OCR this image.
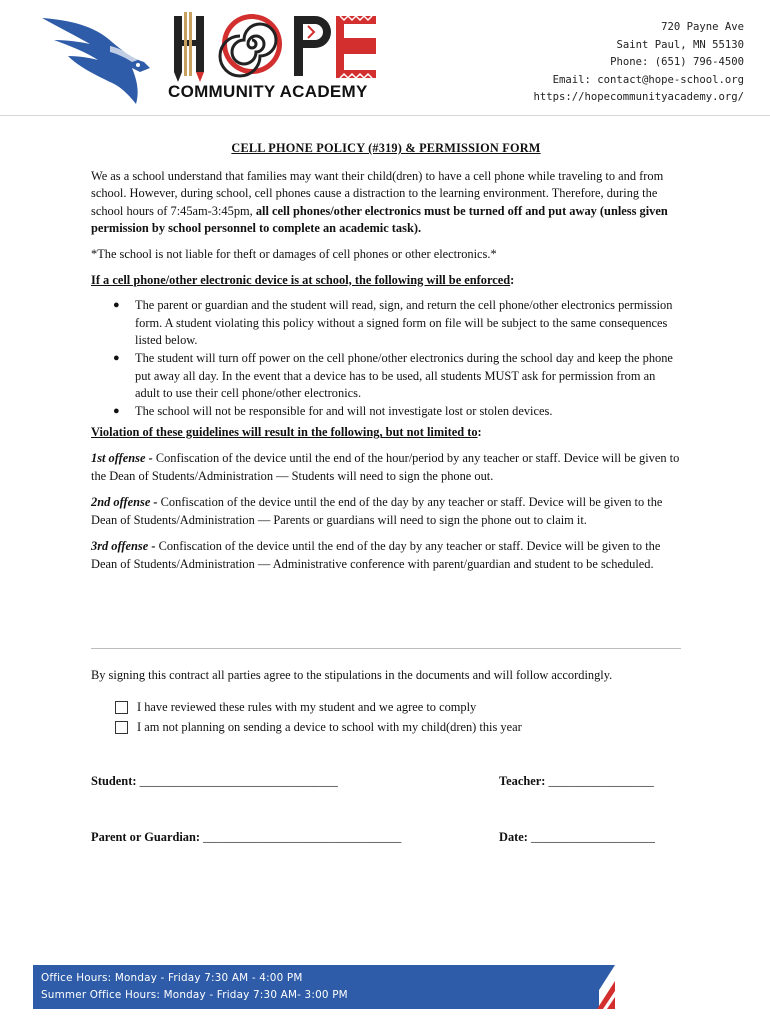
COMMUNITY ACADEMY
720 Payne Ave
Saint Paul, MN 55130
Phone: (651) 796-4500
Email: contact@hope-school.org
https://hopecommunityacademy.org/
CELL PHONE POLICY (#319) & PERMISSION FORM

We as a school understand that families may want their child(dren) to have a cell phone while traveling to and from school. However, during school, cell phones cause a distraction to the learning environment. Therefore, during the school hours of 7:45am-3:45pm, all cell phones/other electronics must be turned off and put away (unless given permission by school personnel to complete an academic task).

*The school is not liable for theft or damages of cell phones or other electronics.*

If a cell phone/other electronic device is at school, the following will be enforced:
● The parent or guardian and the student will read, sign, and return the cell phone/other electronics permission form. A student violating this policy without a signed form on file will be subject to the same consequences listed below.
● The student will turn off power on the cell phone/other electronics during the school day and keep the phone put away all day. In the event that a device has to be used, all students MUST ask for permission from an adult to use their cell phone/other electronics.
● The school will not be responsible for and will not investigate lost or stolen devices.
Violation of these guidelines will result in the following, but not limited to:
1st offense - Confiscation of the device until the end of the hour/period by any teacher or staff. Device will be given to the Dean of Students/Administration — Students will need to sign the phone out.
2nd offense - Confiscation of the device until the end of the day by any teacher or staff. Device will be given to the Dean of Students/Administration — Parents or guardians will need to sign the phone out to claim it.
3rd offense - Confiscation of the device until the end of the day by any teacher or staff. Device will be given to the Dean of Students/Administration — Administrative conference with parent/guardian and student to be scheduled.
By signing this contract all parties agree to the stipulations in the documents and will follow accordingly.
I have reviewed these rules with my student and we agree to comply
I am not planning on sending a device to school with my child(dren) this year
Student: ________________________________	Teacher: _________________
Parent or Guardian: ________________________________	Date: ____________________
Office Hours: Monday - Friday 7:30 AM - 4:00 PM
Summer Office Hours: Monday - Friday 7:30 AM- 3:00 PM
